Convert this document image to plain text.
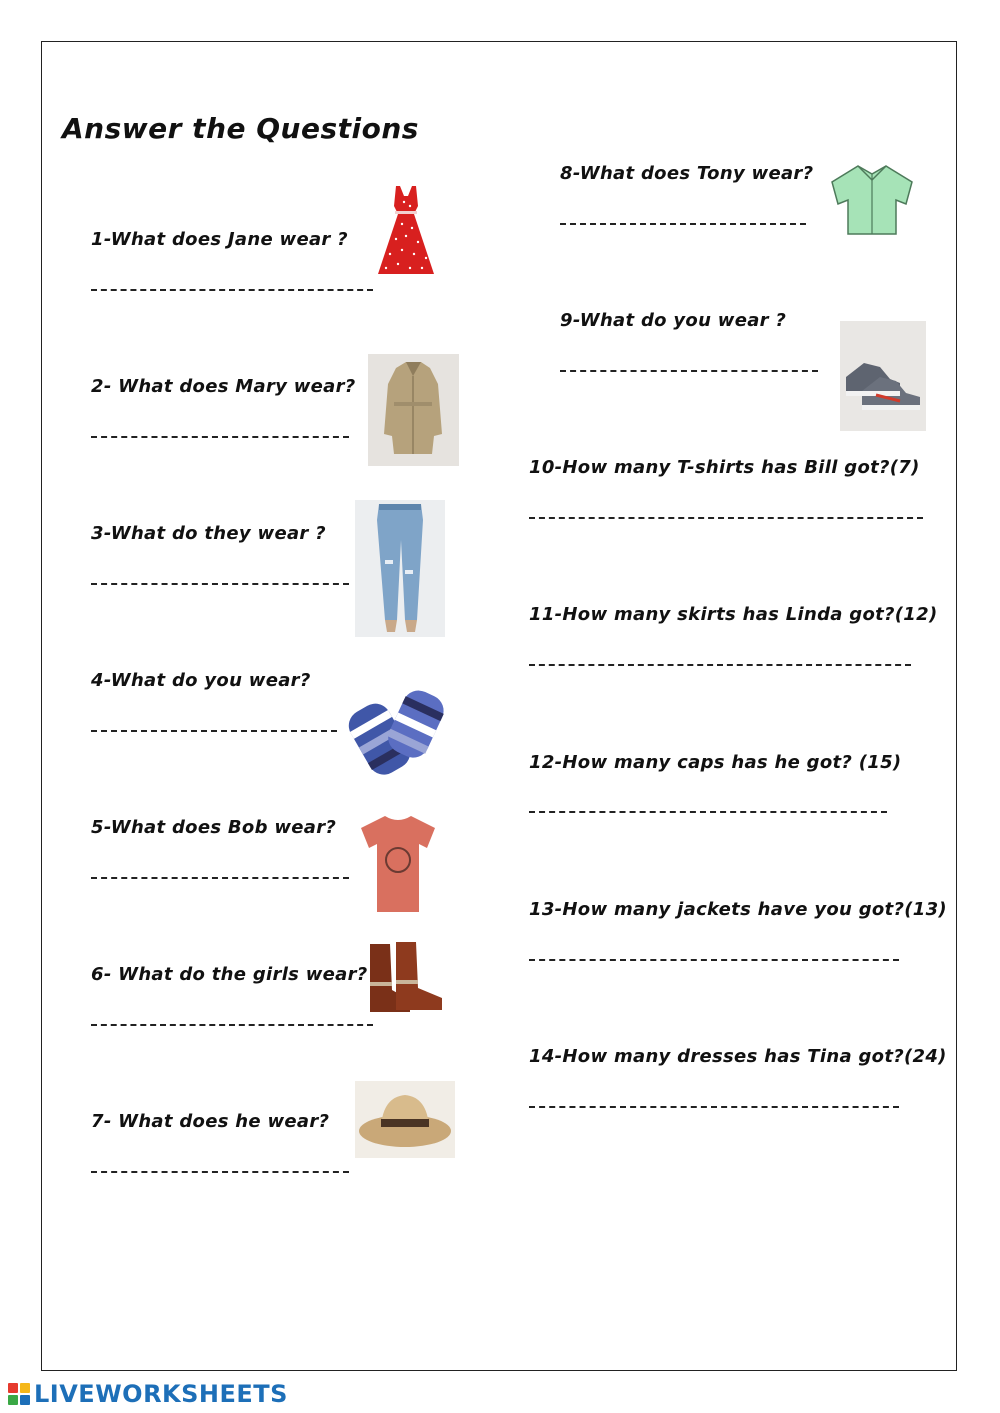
Answer the Questions
1-What does Jane wear ?
2- What does Mary wear?
3-What do they wear ?
4-What do you wear?
5-What does Bob wear?
6- What do the girls wear?
7- What does he wear?
8-What does Tony wear?
9-What do you wear ?
10-How many T-shirts has Bill got?(7)
11-How many skirts has Linda got?(12)
12-How many caps has he got? (15)
13-How many jackets have you got?(13)
14-How many dresses has Tina got?(24)
LIVEWORKSHEETS
